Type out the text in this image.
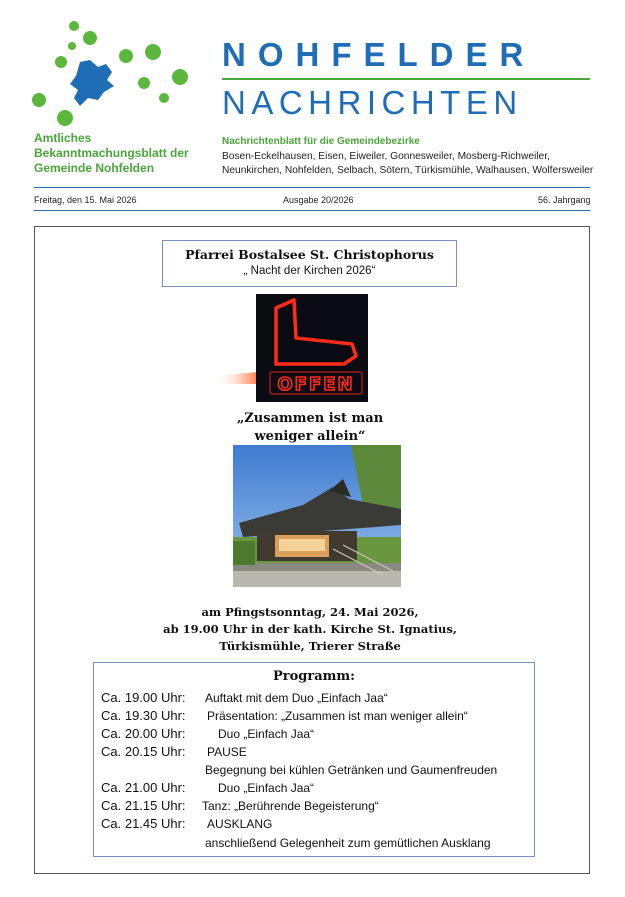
Amtliches
Bekanntmachungsblatt der
Gemeinde Nohfelden
NOHFELDER
NACHRICHTEN
Nachrichtenblatt für die Gemeindebezirke
Bosen-Eckelhausen, Eisen, Eiweiler, Gonnesweiler, Mosberg-Richweiler,
Neunkirchen, Nohfelden, Selbach, Sötern, Türkismühle, Walhausen, Wolfersweiler
Freitag, den 15. Mai 2026	Ausgabe 20/2026	56. Jahrgang
Pfarrei Bostalsee St. Christophorus
„ Nacht der Kirchen 2026“
OFFEN
„Zusammen ist man
weniger allein“
am Pfingstsonntag, 24. Mai 2026,
ab 19.00 Uhr in der kath. Kirche St. Ignatius,
Türkismühle, Trierer Straße
Programm:
Ca. 19.00 Uhr: Auftakt mit dem Duo „Einfach Jaa“
Ca. 19.30 Uhr: Präsentation: „Zusammen ist man weniger allein“
Ca. 20.00 Uhr:	Duo „Einfach Jaa“
Ca. 20.15 Uhr: PAUSE
Begegnung bei kühlen Getränken und Gaumenfreuden
Ca. 21.00 Uhr:	Duo „Einfach Jaa“
Ca. 21.15 Uhr: Tanz: „Berührende Begeisterung“
Ca. 21.45 Uhr: AUSKLANG
anschließend Gelegenheit zum gemütlichen Ausklang
